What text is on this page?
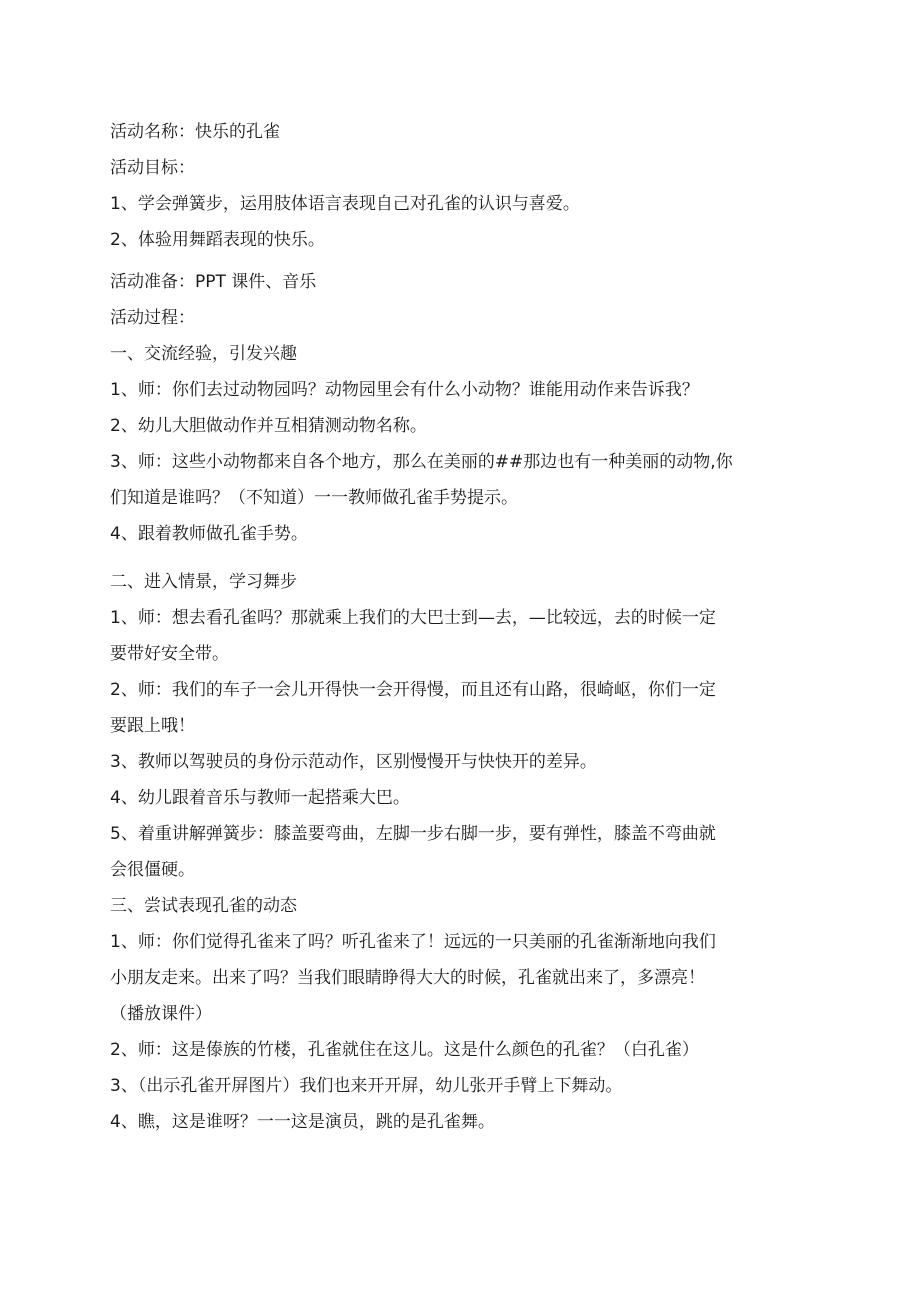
活动名称：快乐的孔雀
活动目标：
1、学会弹簧步，运用肢体语言表现自己对孔雀的认识与喜爱。
2、体验用舞蹈表现的快乐。
活动准备：PPT 课件、音乐
活动过程：
一、交流经验，引发兴趣
1、师：你们去过动物园吗？动物园里会有什么小动物？谁能用动作来告诉我？
2、幼儿大胆做动作并互相猜测动物名称。
3、师：这些小动物都来自各个地方，那么在美丽的##那边也有一种美丽的动物,你
们知道是谁吗？（不知道）一一教师做孔雀手势提示。
4、跟着教师做孔雀手势。
二、进入情景，学习舞步
1、师：想去看孔雀吗？那就乘上我们的大巴士到—去，—比较远，去的时候一定
要带好安全带。
2、师：我们的车子一会儿开得快一会开得慢，而且还有山路，很崎岖，你们一定
要跟上哦！
3、教师以驾驶员的身份示范动作，区别慢慢开与快快开的差异。
4、幼儿跟着音乐与教师一起搭乘大巴。
5、着重讲解弹簧步：膝盖要弯曲，左脚一步右脚一步，要有弹性，膝盖不弯曲就
会很僵硬。
三、尝试表现孔雀的动态
1、师：你们觉得孔雀来了吗？听孔雀来了！远远的一只美丽的孔雀渐渐地向我们
小朋友走来。出来了吗？当我们眼睛睁得大大的时候，孔雀就出来了，多漂亮！
（播放课件）
2、师：这是傣族的竹楼，孔雀就住在这儿。这是什么颜色的孔雀？（白孔雀）
3、（出示孔雀开屏图片）我们也来开开屏，幼儿张开手臂上下舞动。
4、瞧，这是谁呀？一一这是演员，跳的是孔雀舞。
